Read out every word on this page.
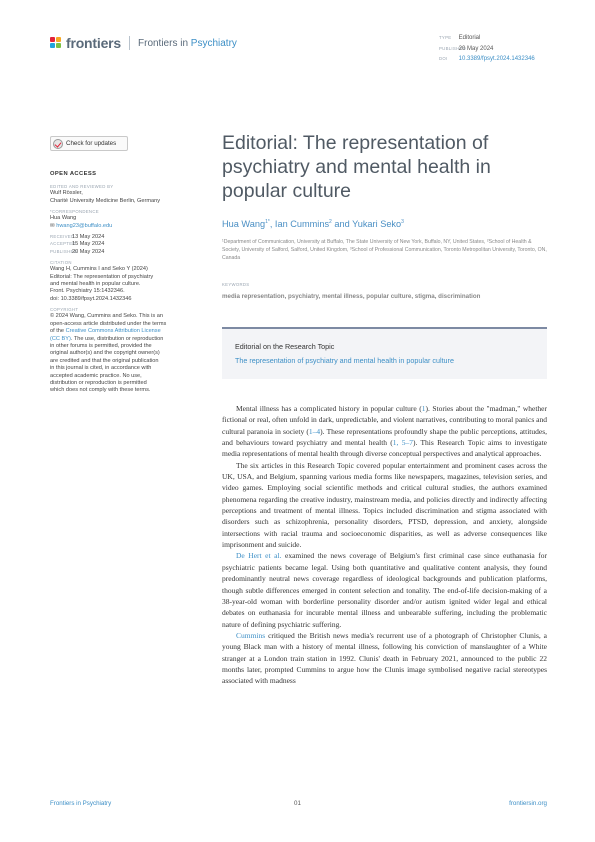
frontiers Frontiers in Psychiatry	TYPE Editorial
PUBLISHED 20 May 2024
DOI 10.3389/fpsyt.2024.1432346
Check for updates
OPEN ACCESS
EDITED AND REVIEWED BY
Wulf Rössler,
Charité University Medicine Berlin, Germany
*CORRESPONDENCE
Hua Wang
✉ hwang23@buffalo.edu
RECEIVED
13 May 2024
ACCEPTED
15 May 2024
PUBLISHED
20 May 2024
CITATION
Wang H, Cummins I and Seko Y (2024)
Editorial: The representation of psychiatry
and mental health in popular culture.
Front. Psychiatry 15:1432346.
doi: 10.3389/fpsyt.2024.1432346
COPYRIGHT
© 2024 Wang, Cummins and Seko. This is an
open-access article distributed under the terms
of the Creative Commons Attribution License
(CC BY). The use, distribution or reproduction
in other forums is permitted, provided the
original author(s) and the copyright owner(s)
are credited and that the original publication
in this journal is cited, in accordance with
accepted academic practice. No use,
distribution or reproduction is permitted
which does not comply with these terms.
Editorial: The representation of psychiatry and mental health in popular culture
Hua Wang$^{1*}$, Ian Cummins$^2$ and Yukari Seko$^3$
¹Department of Communication, University at Buffalo, The State University of New York, Buffalo, NY, United States, ²School of Health & Society, University of Salford, Salford, United Kingdom, ³School of Professional Communication, Toronto Metropolitan University, Toronto, ON, Canada
KEYWORDS
media representation, psychiatry, mental illness, popular culture, stigma, discrimination
Editorial on the Research Topic
The representation of psychiatry and mental health in popular culture

Mental illness has a complicated history in popular culture (1). Stories about the "madman," whether fictional or real, often unfold in dark, unpredictable, and violent narratives, contributing to moral panics and cultural paranoia in society (1–4). These representations profoundly shape the public perceptions, attitudes, and behaviours toward psychiatry and mental health (1, 5–7). This Research Topic aims to investigate media representations of mental health through diverse conceptual perspectives and analytical approaches.

The six articles in this Research Topic covered popular entertainment and prominent cases across the UK, USA, and Belgium, spanning various media forms like newspapers, magazines, television series, and video games. Employing social scientific methods and critical cultural studies, the authors examined phenomena regarding the creative industry, mainstream media, and policies directly and indirectly affecting perceptions and treatment of mental illness. Topics included discrimination and stigma associated with disorders such as schizophrenia, personality disorders, PTSD, depression, and anxiety, alongside intersections with racial trauma and socioeconomic disparities, as well as adverse consequences like imprisonment and suicide.

De Hert et al. examined the news coverage of Belgium's first criminal case since euthanasia for psychiatric patients became legal. Using both quantitative and qualitative content analysis, they found predominantly neutral news coverage regardless of ideological backgrounds and publication platforms, though subtle differences emerged in content selection and tonality. The end-of-life decision-making of a 38-year-old woman with borderline personality disorder and/or autism ignited wider legal and ethical debates on euthanasia for incurable mental illness and unbearable suffering, including the problematic nature of defining psychiatric suffering.

Cummins critiqued the British news media's recurrent use of a photograph of Christopher Clunis, a young Black man with a history of mental illness, following his conviction of manslaughter of a White stranger at a London train station in 1992. Clunis' death in February 2021, announced to the public 22 months later, prompted Cummins to argue how the Clunis image symbolised negative racial stereotypes associated with madness

Frontiers in Psychiatry	01	frontiersin.org
